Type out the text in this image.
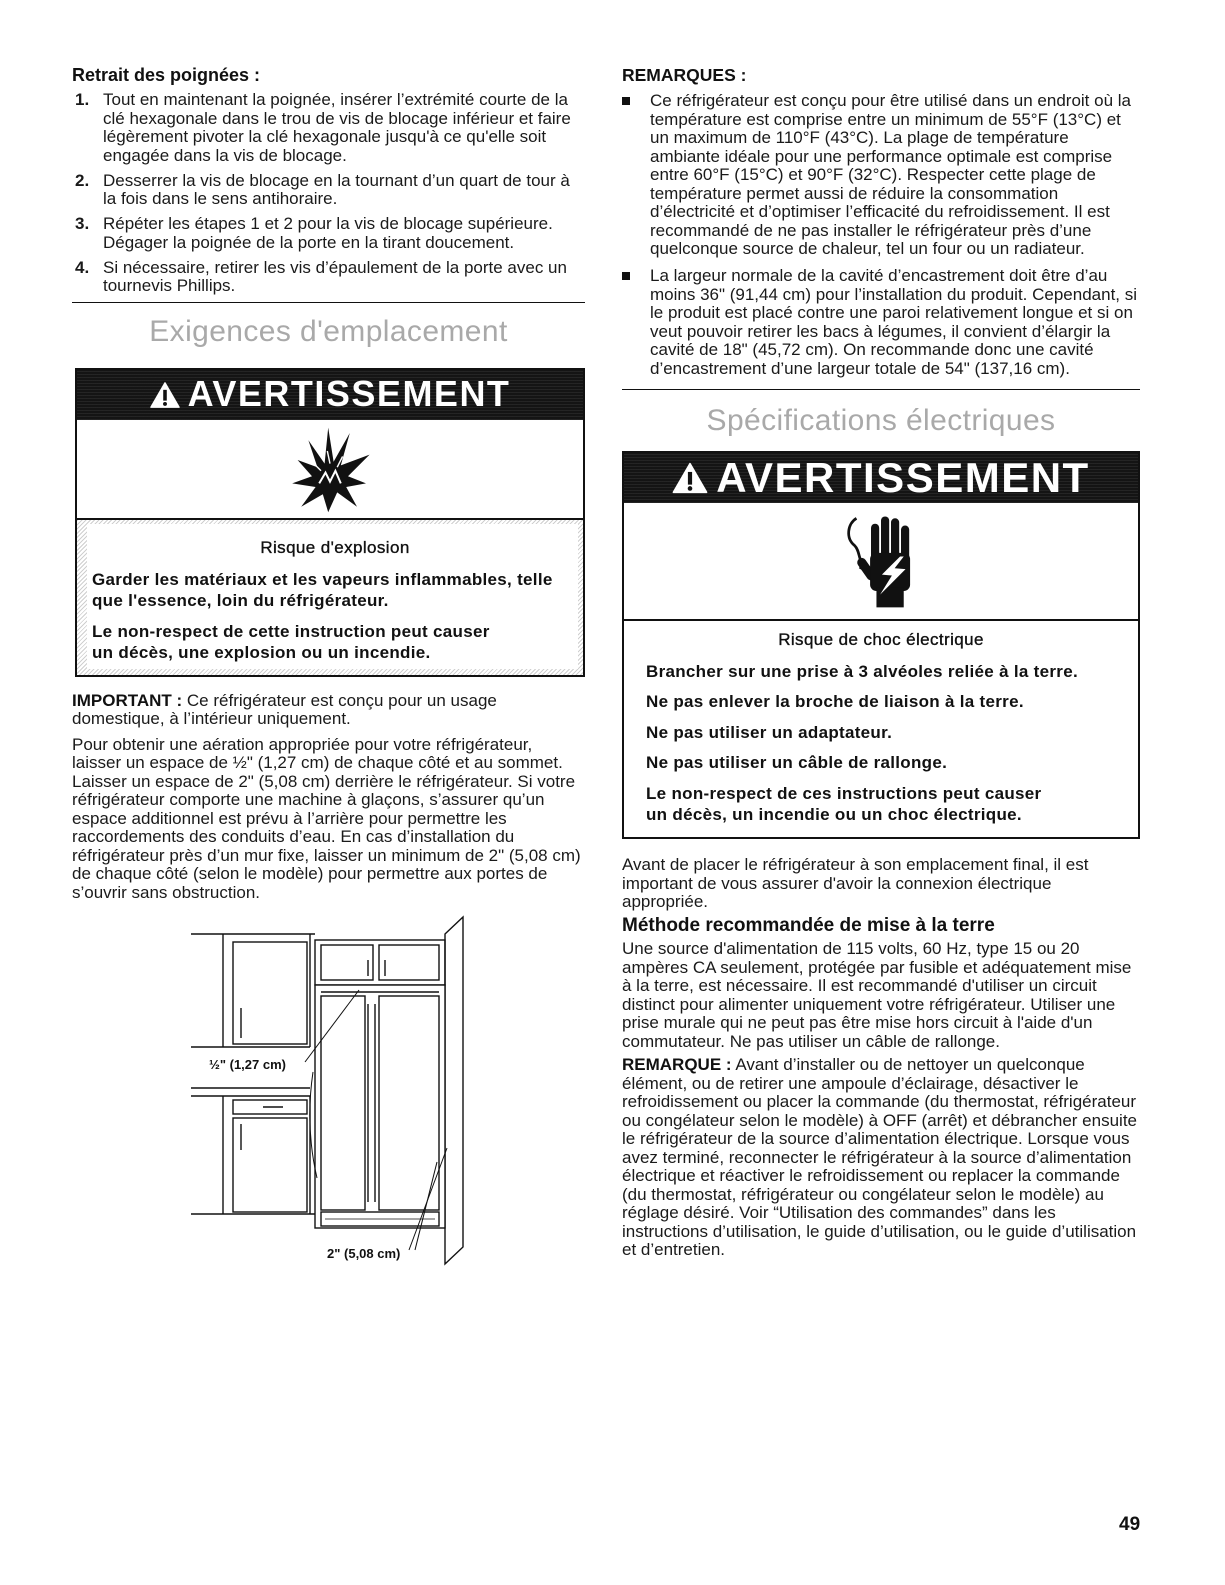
Retrait des poignées :
1. Tout en maintenant la poignée, insérer l’extrémité courte de la clé hexagonale dans le trou de vis de blocage inférieur et faire légèrement pivoter la clé hexagonale jusqu'à ce qu'elle soit engagée dans la vis de blocage.
2. Desserrer la vis de blocage en la tournant d’un quart de tour à la fois dans le sens antihoraire.
3. Répéter les étapes 1 et 2 pour la vis de blocage supérieure. Dégager la poignée de la porte en la tirant doucement.
4. Si nécessaire, retirer les vis d’épaulement de la porte avec un tournevis Phillips.
Exigences d'emplacement
AVERTISSEMENT
Risque d'explosion
Garder les matériaux et les vapeurs inflammables, telle
que l'essence, loin du réfrigérateur.
Le non-respect de cette instruction peut causer
un décès, une explosion ou un incendie.

IMPORTANT : Ce réfrigérateur est conçu pour un usage domestique, à l’intérieur uniquement.

Pour obtenir une aération appropriée pour votre réfrigérateur, laisser un espace de ½" (1,27 cm) de chaque côté et au sommet. Laisser un espace de 2" (5,08 cm) derrière le réfrigérateur. Si votre réfrigérateur comporte une machine à glaçons, s’assurer qu’un espace additionnel est prévu à l’arrière pour permettre les raccordements des conduits d’eau. En cas d’installation du réfrigérateur près d’un mur fixe, laisser un minimum de 2" (5,08 cm) de chaque côté (selon le modèle) pour permettre aux portes de s’ouvrir sans obstruction.

½" (1,27 cm)
2" (5,08 cm)
REMARQUES :
Ce réfrigérateur est conçu pour être utilisé dans un endroit où la température est comprise entre un minimum de 55°F (13°C) et un maximum de 110°F (43°C). La plage de température ambiante idéale pour une performance optimale est comprise entre 60°F (15°C) et 90°F (32°C). Respecter cette plage de température permet aussi de réduire la consommation d’électricité et d’optimiser l’efficacité du refroidissement. Il est recommandé de ne pas installer le réfrigérateur près d’une quelconque source de chaleur, tel un four ou un radiateur.
La largeur normale de la cavité d’encastrement doit être d’au moins 36" (91,44 cm) pour l’installation du produit. Cependant, si le produit est placé contre une paroi relativement longue et si on veut pouvoir retirer les bacs à légumes, il convient d’élargir la cavité de 18" (45,72 cm). On recommande donc une cavité d’encastrement d’une largeur totale de 54" (137,16 cm).
Spécifications électriques
AVERTISSEMENT
Risque de choc électrique
Brancher sur une prise à 3 alvéoles reliée à la terre.
Ne pas enlever la broche de liaison à la terre.
Ne pas utiliser un adaptateur.
Ne pas utiliser un câble de rallonge.
Le non-respect de ces instructions peut causer
un décès, un incendie ou un choc électrique.

Avant de placer le réfrigérateur à son emplacement final, il est important de vous assurer d'avoir la connexion électrique appropriée.

Méthode recommandée de mise à la terre

Une source d'alimentation de 115 volts, 60 Hz, type 15 ou 20 ampères CA seulement, protégée par fusible et adéquatement mise à la terre, est nécessaire. Il est recommandé d'utiliser un circuit distinct pour alimenter uniquement votre réfrigérateur. Utiliser une prise murale qui ne peut pas être mise hors circuit à l'aide d'un commutateur. Ne pas utiliser un câble de rallonge.

REMARQUE : Avant d’installer ou de nettoyer un quelconque élément, ou de retirer une ampoule d’éclairage, désactiver le refroidissement ou placer la commande (du thermostat, réfrigérateur ou congélateur selon le modèle) à OFF (arrêt) et débrancher ensuite le réfrigérateur de la source d’alimentation électrique. Lorsque vous avez terminé, reconnecter le réfrigérateur à la source d’alimentation électrique et réactiver le refroidissement ou replacer la commande (du thermostat, réfrigérateur ou congélateur selon le modèle) au réglage désiré. Voir “Utilisation des commandes” dans les instructions d’utilisation, le guide d’utilisation, ou le guide d’utilisation et d’entretien.

49
